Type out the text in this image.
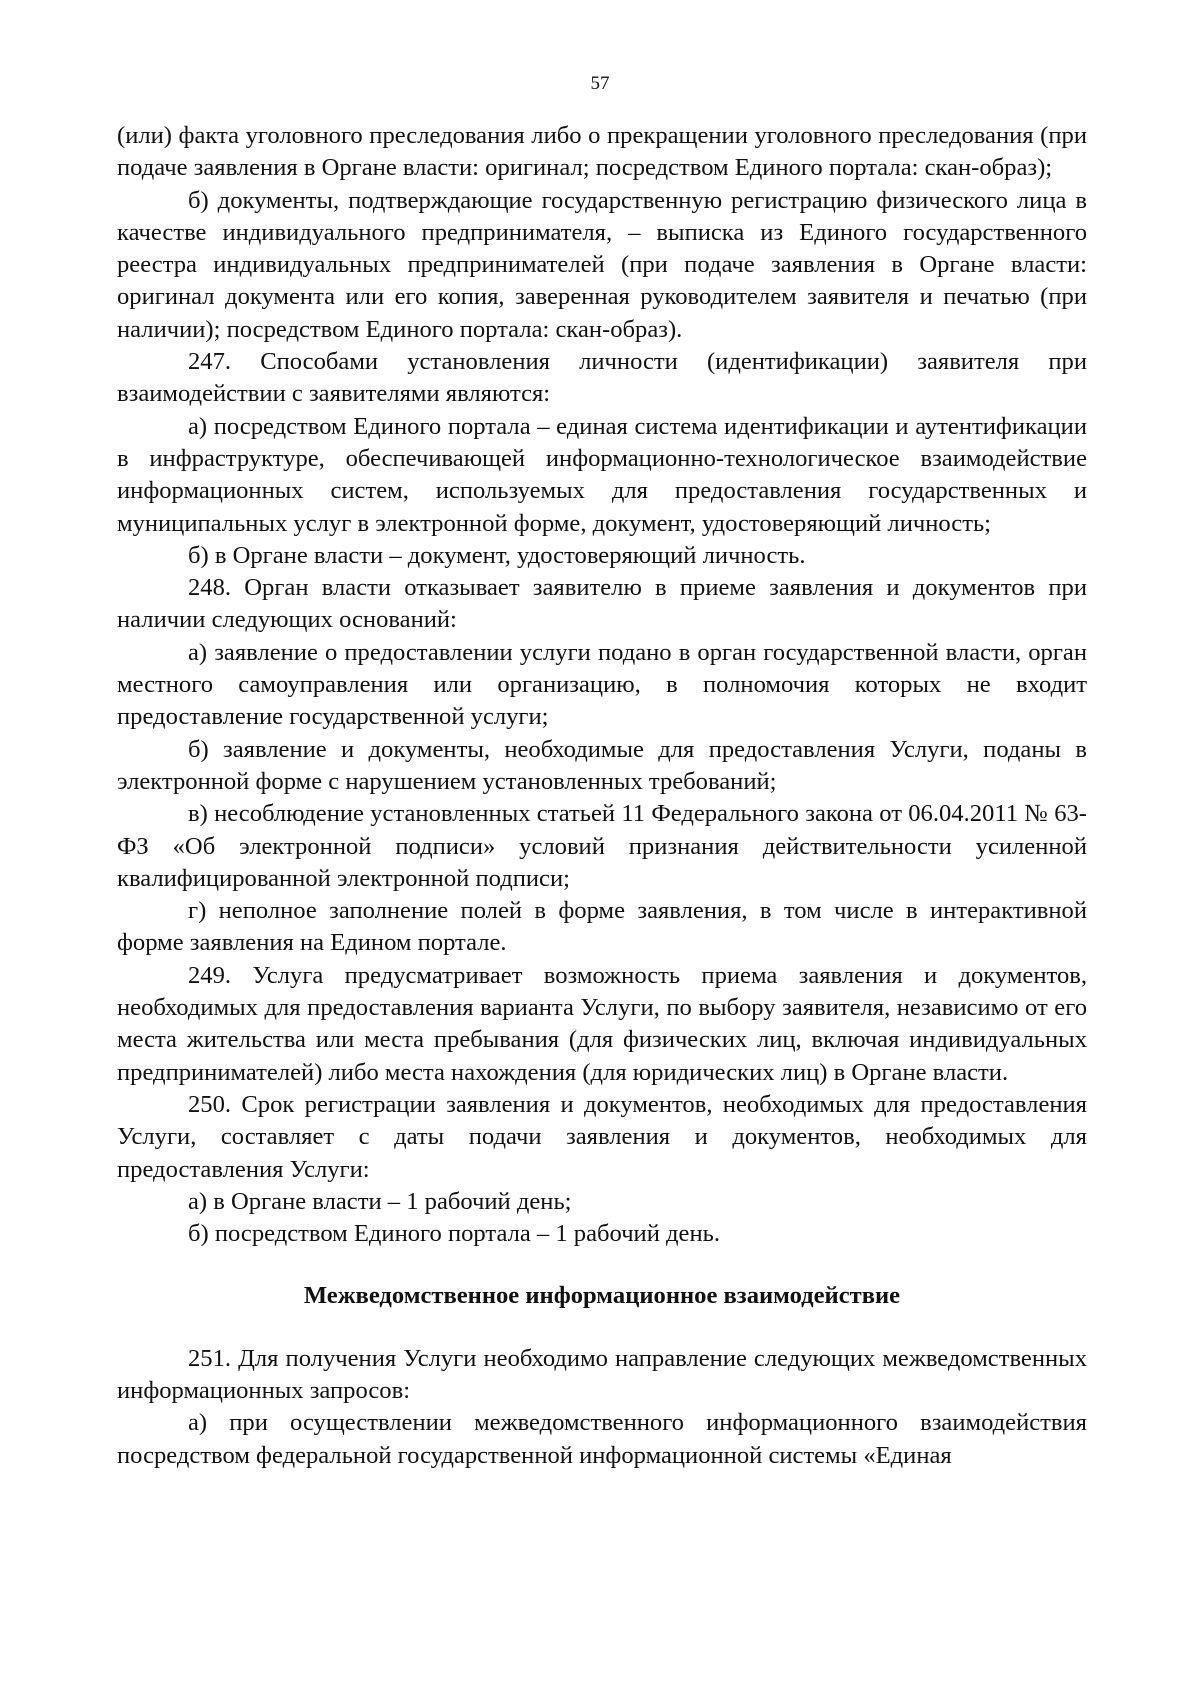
57

(или) факта уголовного преследования либо о прекращении уголовного преследования (при подаче заявления в Органе власти: оригинал; посредством Единого портала: скан-образ);

б) документы, подтверждающие государственную регистрацию физического лица в качестве индивидуального предпринимателя, – выписка из Единого государственного реестра индивидуальных предпринимателей (при подаче заявления в Органе власти: оригинал документа или его копия, заверенная руководителем заявителя и печатью (при наличии); посредством Единого портала: скан-образ).

247. Способами установления личности (идентификации) заявителя при взаимодействии с заявителями являются:

а) посредством Единого портала – единая система идентификации и аутентификации в инфраструктуре, обеспечивающей информационно-технологическое взаимодействие информационных систем, используемых для предоставления государственных и муниципальных услуг в электронной форме, документ, удостоверяющий личность;

б) в Органе власти – документ, удостоверяющий личность.

248. Орган власти отказывает заявителю в приеме заявления и документов при наличии следующих оснований:

а) заявление о предоставлении услуги подано в орган государственной власти, орган местного самоуправления или организацию, в полномочия которых не входит предоставление государственной услуги;

б) заявление и документы, необходимые для предоставления Услуги, поданы в электронной форме с нарушением установленных требований;

в) несоблюдение установленных статьей 11 Федерального закона от 06.04.2011 № 63-ФЗ «Об электронной подписи» условий признания действительности усиленной квалифицированной электронной подписи;

г) неполное заполнение полей в форме заявления, в том числе в интерактивной форме заявления на Едином портале.

249. Услуга предусматривает возможность приема заявления и документов, необходимых для предоставления варианта Услуги, по выбору заявителя, независимо от его места жительства или места пребывания (для физических лиц, включая индивидуальных предпринимателей) либо места нахождения (для юридических лиц) в Органе власти.

250. Срок регистрации заявления и документов, необходимых для предоставления Услуги, составляет с даты подачи заявления и документов, необходимых для предоставления Услуги:

а) в Органе власти – 1 рабочий день;

б) посредством Единого портала – 1 рабочий день.

Межведомственное информационное взаимодействие

251. Для получения Услуги необходимо направление следующих межведомственных информационных запросов:

а) при осуществлении межведомственного информационного взаимодействия посредством федеральной государственной информационной системы «Единая
